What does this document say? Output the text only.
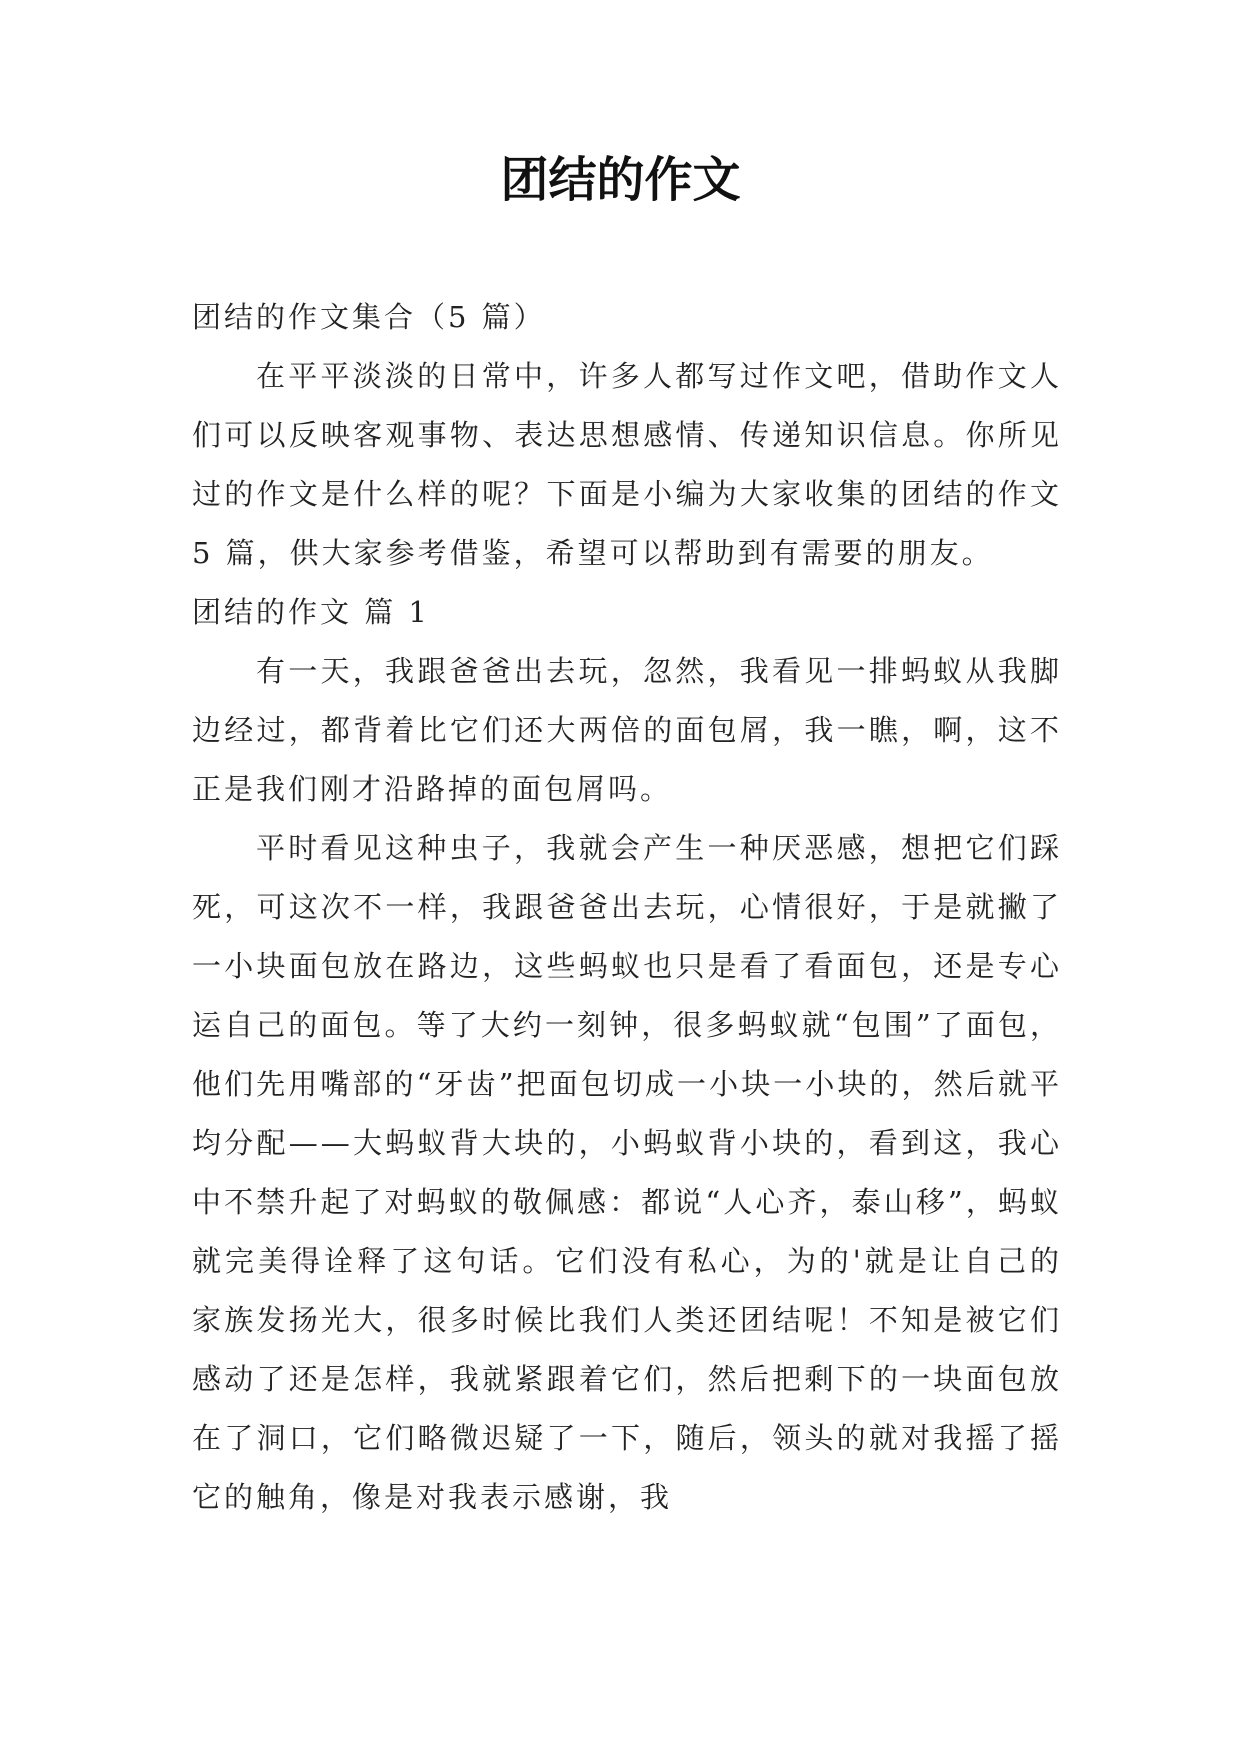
团结的作文

团结的作文集合（5 篇）

在平平淡淡的日常中，许多人都写过作文吧，借助作文人们可以反映客观事物、表达思想感情、传递知识信息。你所见过的作文是什么样的呢？下面是小编为大家收集的团结的作文 5 篇，供大家参考借鉴，希望可以帮助到有需要的朋友。

团结的作文 篇 1

有一天，我跟爸爸出去玩，忽然，我看见一排蚂蚁从我脚边经过，都背着比它们还大两倍的面包屑，我一瞧，啊，这不正是我们刚才沿路掉的面包屑吗。

平时看见这种虫子，我就会产生一种厌恶感，想把它们踩死，可这次不一样，我跟爸爸出去玩，心情很好，于是就撇了一小块面包放在路边，这些蚂蚁也只是看了看面包，还是专心运自己的面包。等了大约一刻钟，很多蚂蚁就“包围”了面包，他们先用嘴部的“牙齿”把面包切成一小块一小块的，然后就平均分配——大蚂蚁背大块的，小蚂蚁背小块的，看到这，我心中不禁升起了对蚂蚁的敬佩感：都说“人心齐，泰山移”，蚂蚁就完美得诠释了这句话。它们没有私心，为的'就是让自己的家族发扬光大，很多时候比我们人类还团结呢！不知是被它们感动了还是怎样，我就紧跟着它们，然后把剩下的一块面包放在了洞口，它们略微迟疑了一下，随后，领头的就对我摇了摇它的触角，像是对我表示感谢，我
